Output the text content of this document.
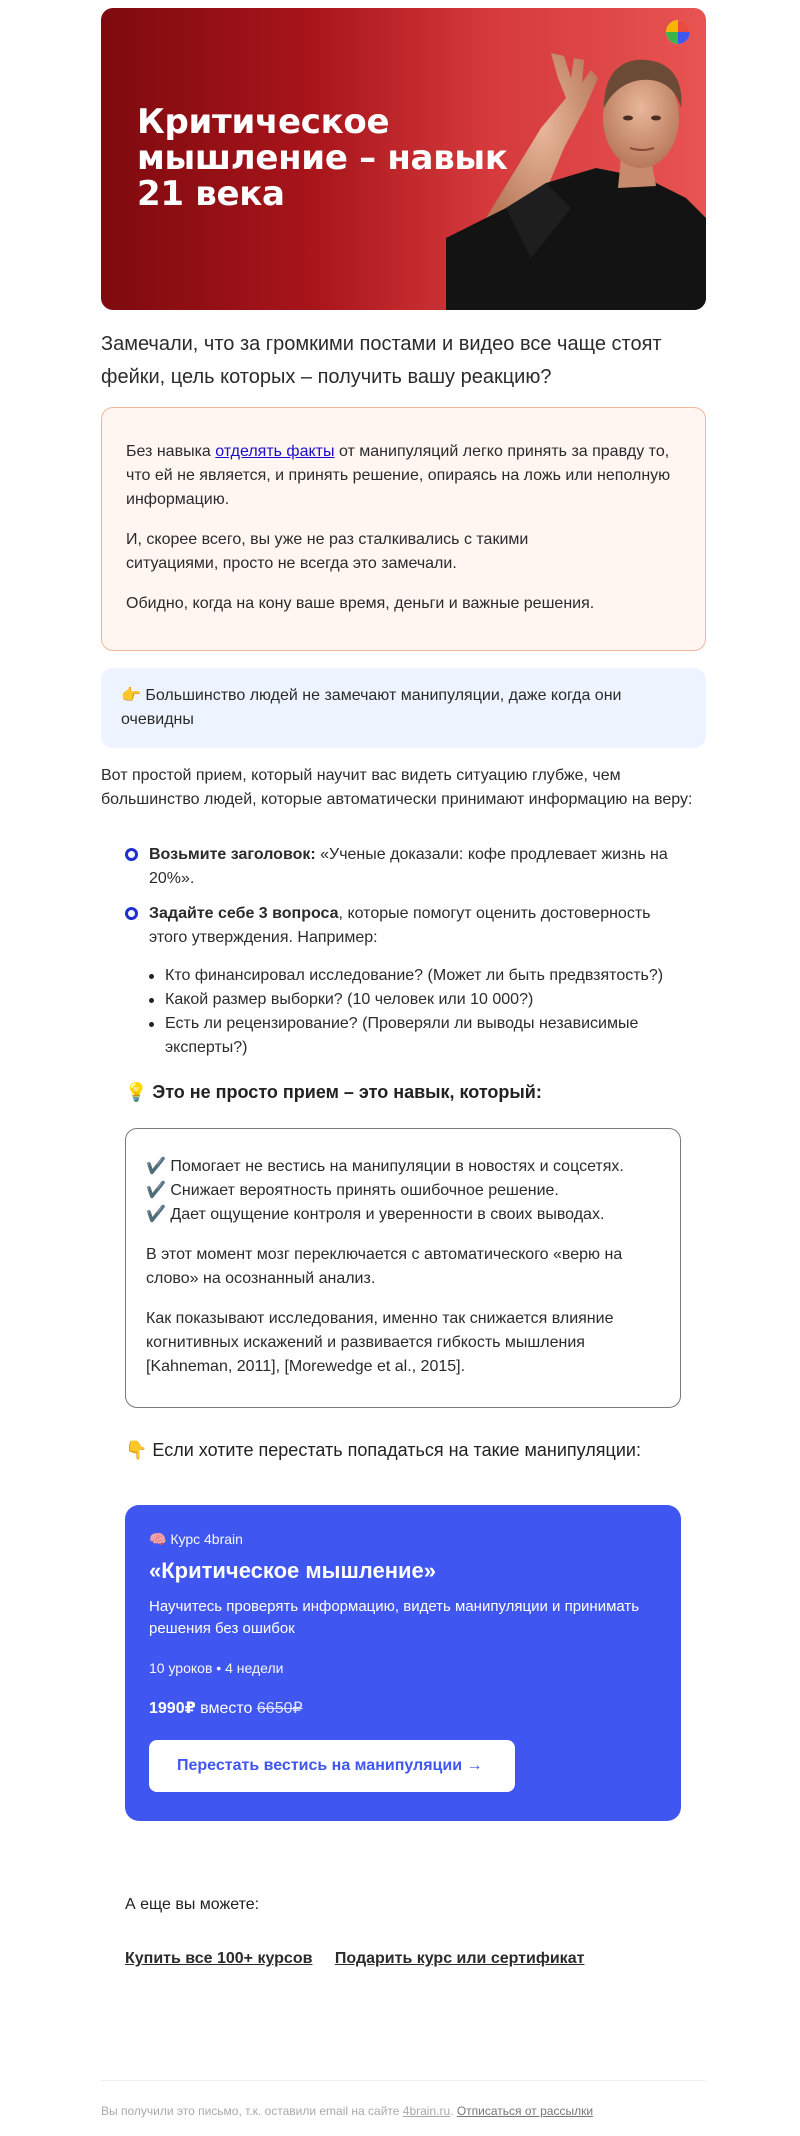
Критическое мышление – навык 21 века
Замечали, что за громкими постами и видео все чаще стоят фейки, цель которых – получить вашу реакцию?

Без навыка отделять факты от манипуляций легко принять за правду то, что ей не является, и принять решение, опираясь на ложь или неполную информацию.

И, скорее всего, вы уже не раз сталкивались с такими ситуациями, просто не всегда это замечали.

Обидно, когда на кону ваше время, деньги и важные решения.

👉 Большинство людей не замечают манипуляции, даже когда они очевидны
Вот простой прием, который научит вас видеть ситуацию глубже, чем большинство людей, которые автоматически принимают информацию на веру:
Возьмите заголовок: «Ученые доказали: кофе продлевает жизнь на 20%».
Задайте себе 3 вопроса, которые помогут оценить достоверность этого утверждения. Например:
Кто финансировал исследование? (Может ли быть предвзятость?)
Какой размер выборки? (10 человек или 10 000?)
Есть ли рецензирование? (Проверяли ли выводы независимые эксперты?)
💡 Это не просто прием – это навык, который:
✔️ Помогает не вестись на манипуляции в новостях и соцсетях.
✔️ Снижает вероятность принять ошибочное решение.
✔️ Дает ощущение контроля и уверенности в своих выводах.

В этот момент мозг переключается с автоматического «верю на слово» на осознанный анализ.

Как показывают исследования, именно так снижается влияние когнитивных искажений и развивается гибкость мышления [Kahneman, 2011], [Morewedge et al., 2015].

👇 Если хотите перестать попадаться на такие манипуляции:
🧠 Курс 4brain
«Критическое мышление»
Научитесь проверять информацию, видеть манипуляции и принимать решения без ошибок
10 уроков • 4 недели
1990₽ вместо 6650₽
Перестать вестись на манипуляции →
А еще вы можете:
Купить все 100+ курсов Подарить курс или сертификат
Вы получили это письмо, т.к. оставили email на сайте 4brain.ru. Отписаться от рассылки
